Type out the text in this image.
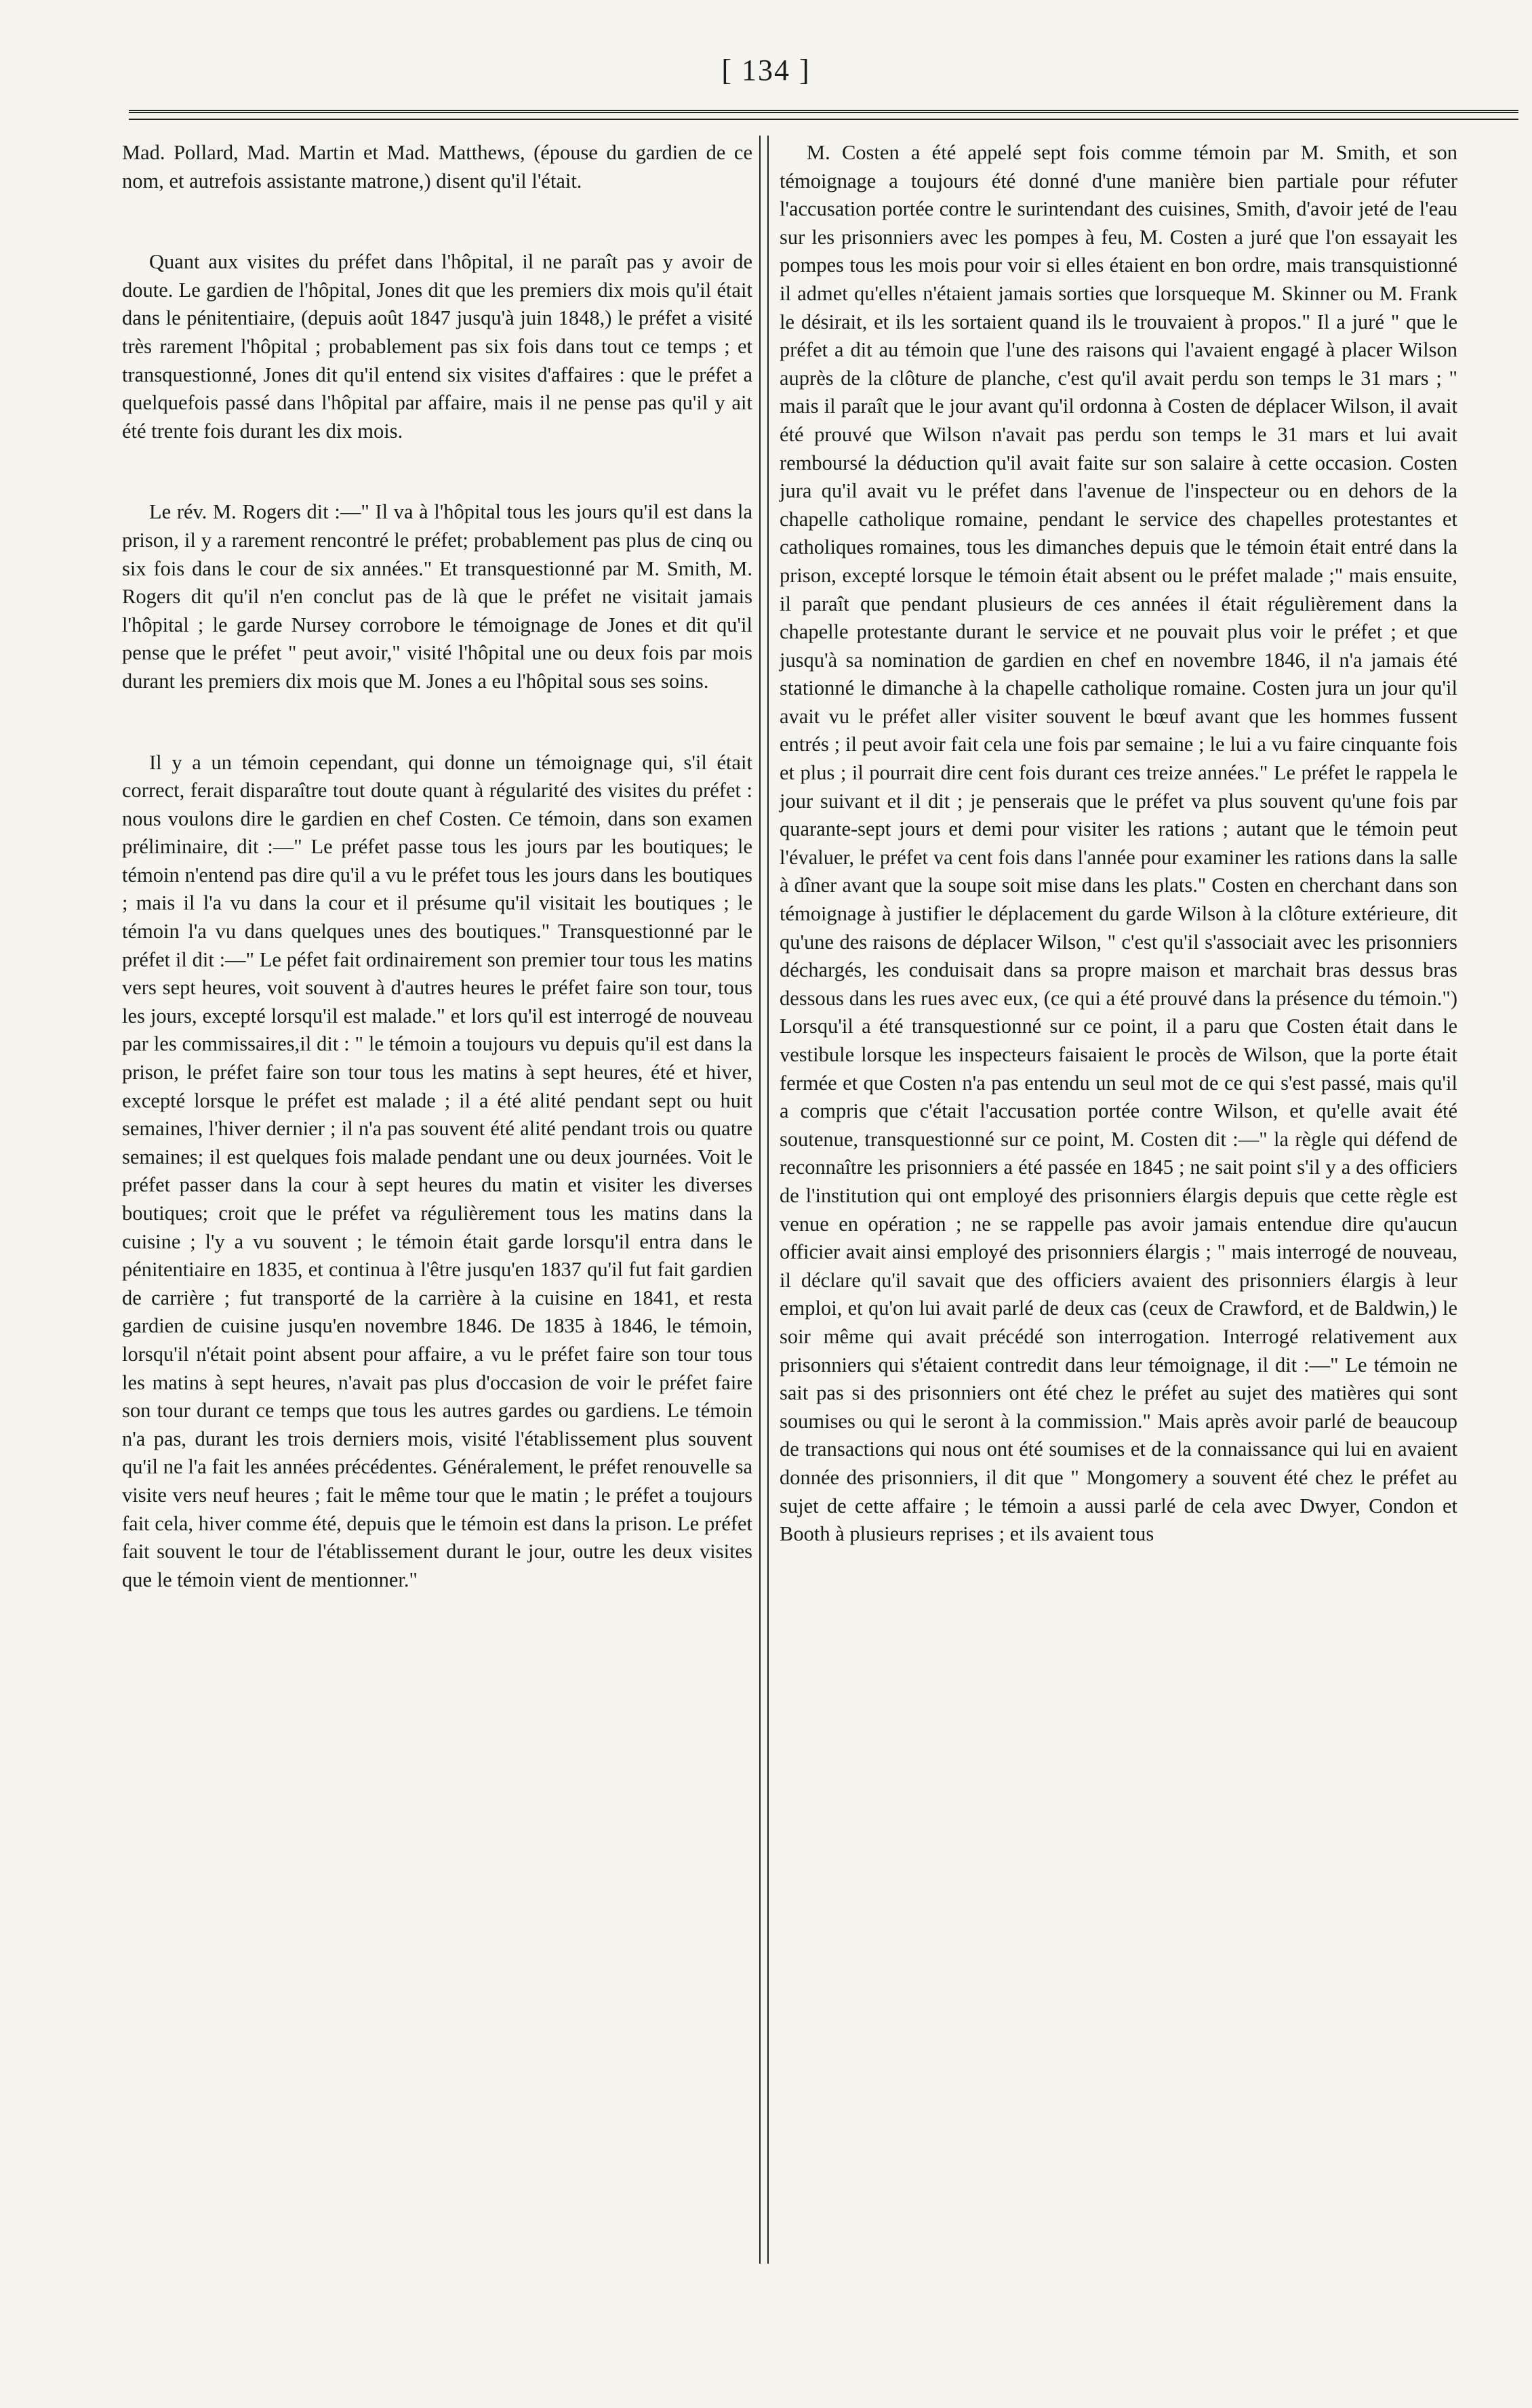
[ 134 ]

Mad. Pollard, Mad. Martin et Mad. Matthews, (épouse du gardien de ce nom, et autrefois assistante matrone,) disent qu'il l'était.

Quant aux visites du préfet dans l'hôpital, il ne paraît pas y avoir de doute. Le gardien de l'hôpital, Jones dit que les premiers dix mois qu'il était dans le pénitentiaire, (depuis août 1847 jusqu'à juin 1848,) le préfet a visité très rarement l'hôpital ; probablement pas six fois dans tout ce temps ; et transquestionné, Jones dit qu'il entend six visites d'affaires : que le préfet a quelquefois passé dans l'hôpital par affaire, mais il ne pense pas qu'il y ait été trente fois durant les dix mois.

Le rév. M. Rogers dit :—" Il va à l'hôpital tous les jours qu'il est dans la prison, il y a rarement rencontré le préfet; probablement pas plus de cinq ou six fois dans le cour de six années." Et transquestionné par M. Smith, M. Rogers dit qu'il n'en conclut pas de là que le préfet ne visitait jamais l'hôpital ; le garde Nursey corrobore le témoignage de Jones et dit qu'il pense que le préfet " peut avoir," visité l'hôpital une ou deux fois par mois durant les premiers dix mois que M. Jones a eu l'hôpital sous ses soins.

Il y a un témoin cependant, qui donne un témoignage qui, s'il était correct, ferait disparaître tout doute quant à régularité des visites du préfet : nous voulons dire le gardien en chef Costen. Ce témoin, dans son examen préliminaire, dit :—" Le préfet passe tous les jours par les boutiques; le témoin n'entend pas dire qu'il a vu le préfet tous les jours dans les boutiques ; mais il l'a vu dans la cour et il présume qu'il visitait les boutiques ; le témoin l'a vu dans quelques unes des boutiques." Transquestionné par le préfet il dit :—" Le péfet fait ordinairement son premier tour tous les matins vers sept heures, voit souvent à d'autres heures le préfet faire son tour, tous les jours, excepté lorsqu'il est malade." et lors qu'il est interrogé de nouveau par les commissaires,il dit : " le témoin a toujours vu depuis qu'il est dans la prison, le préfet faire son tour tous les matins à sept heures, été et hiver, excepté lorsque le préfet est malade ; il a été alité pendant sept ou huit semaines, l'hiver dernier ; il n'a pas souvent été alité pendant trois ou quatre semaines; il est quelques fois malade pendant une ou deux journées. Voit le préfet passer dans la cour à sept heures du matin et visiter les diverses boutiques; croit que le préfet va régulièrement tous les matins dans la cuisine ; l'y a vu souvent ; le témoin était garde lorsqu'il entra dans le pénitentiaire en 1835, et continua à l'être jusqu'en 1837 qu'il fut fait gardien de carrière ; fut transporté de la carrière à la cuisine en 1841, et resta gardien de cuisine jusqu'en novembre 1846. De 1835 à 1846, le témoin, lorsqu'il n'était point absent pour affaire, a vu le préfet faire son tour tous les matins à sept heures, n'avait pas plus d'occasion de voir le préfet faire son tour durant ce temps que tous les autres gardes ou gardiens. Le témoin n'a pas, durant les trois derniers mois, visité l'établissement plus souvent qu'il ne l'a fait les années précédentes. Généralement, le préfet renouvelle sa visite vers neuf heures ; fait le même tour que le matin ; le préfet a toujours fait cela, hiver comme été, depuis que le témoin est dans la prison. Le préfet fait souvent le tour de l'établissement durant le jour, outre les deux visites que le témoin vient de mentionner."

M. Costen a été appelé sept fois comme témoin par M. Smith, et son témoignage a toujours été donné d'une manière bien partiale pour réfuter l'accusation portée contre le surintendant des cuisines, Smith, d'avoir jeté de l'eau sur les prisonniers avec les pompes à feu, M. Costen a juré que l'on essayait les pompes tous les mois pour voir si elles étaient en bon ordre, mais transquistionné il admet qu'elles n'étaient jamais sorties que lorsqueque M. Skinner ou M. Frank le désirait, et ils les sortaient quand ils le trouvaient à propos." Il a juré " que le préfet a dit au témoin que l'une des raisons qui l'avaient engagé à placer Wilson auprès de la clôture de planche, c'est qu'il avait perdu son temps le 31 mars ; " mais il paraît que le jour avant qu'il ordonna à Costen de déplacer Wilson, il avait été prouvé que Wilson n'avait pas perdu son temps le 31 mars et lui avait remboursé la déduction qu'il avait faite sur son salaire à cette occasion. Costen jura qu'il avait vu le préfet dans l'avenue de l'inspecteur ou en dehors de la chapelle catholique romaine, pendant le service des chapelles protestantes et catholiques romaines, tous les dimanches depuis que le témoin était entré dans la prison, excepté lorsque le témoin était absent ou le préfet malade ;" mais ensuite, il paraît que pendant plusieurs de ces années il était régulièrement dans la chapelle protestante durant le service et ne pouvait plus voir le préfet ; et que jusqu'à sa nomination de gardien en chef en novembre 1846, il n'a jamais été stationné le dimanche à la chapelle catholique romaine. Costen jura un jour qu'il avait vu le préfet aller visiter souvent le bœuf avant que les hommes fussent entrés ; il peut avoir fait cela une fois par semaine ; le lui a vu faire cinquante fois et plus ; il pourrait dire cent fois durant ces treize années." Le préfet le rappela le jour suivant et il dit ; je penserais que le préfet va plus souvent qu'une fois par quarante-sept jours et demi pour visiter les rations ; autant que le témoin peut l'évaluer, le préfet va cent fois dans l'année pour examiner les rations dans la salle à dîner avant que la soupe soit mise dans les plats." Costen en cherchant dans son témoignage à justifier le déplacement du garde Wilson à la clôture extérieure, dit qu'une des raisons de déplacer Wilson, " c'est qu'il s'associait avec les prisonniers déchargés, les conduisait dans sa propre maison et marchait bras dessus bras dessous dans les rues avec eux, (ce qui a été prouvé dans la présence du témoin.") Lorsqu'il a été transquestionné sur ce point, il a paru que Costen était dans le vestibule lorsque les inspecteurs faisaient le procès de Wilson, que la porte était fermée et que Costen n'a pas entendu un seul mot de ce qui s'est passé, mais qu'il a compris que c'était l'accusation portée contre Wilson, et qu'elle avait été soutenue, transquestionné sur ce point, M. Costen dit :—" la règle qui défend de reconnaître les prisonniers a été passée en 1845 ; ne sait point s'il y a des officiers de l'institution qui ont employé des prisonniers élargis depuis que cette règle est venue en opération ; ne se rappelle pas avoir jamais entendue dire qu'aucun officier avait ainsi employé des prisonniers élargis ; " mais interrogé de nouveau, il déclare qu'il savait que des officiers avaient des prisonniers élargis à leur emploi, et qu'on lui avait parlé de deux cas (ceux de Crawford, et de Baldwin,) le soir même qui avait précédé son interrogation. Interrogé relativement aux prisonniers qui s'étaient contredit dans leur témoignage, il dit :—" Le témoin ne sait pas si des prisonniers ont été chez le préfet au sujet des matières qui sont soumises ou qui le seront à la commission." Mais après avoir parlé de beaucoup de transactions qui nous ont été soumises et de la connaissance qui lui en avaient donnée des prisonniers, il dit que " Mongomery a souvent été chez le préfet au sujet de cette affaire ; le témoin a aussi parlé de cela avec Dwyer, Condon et Booth à plusieurs reprises ; et ils avaient tous
